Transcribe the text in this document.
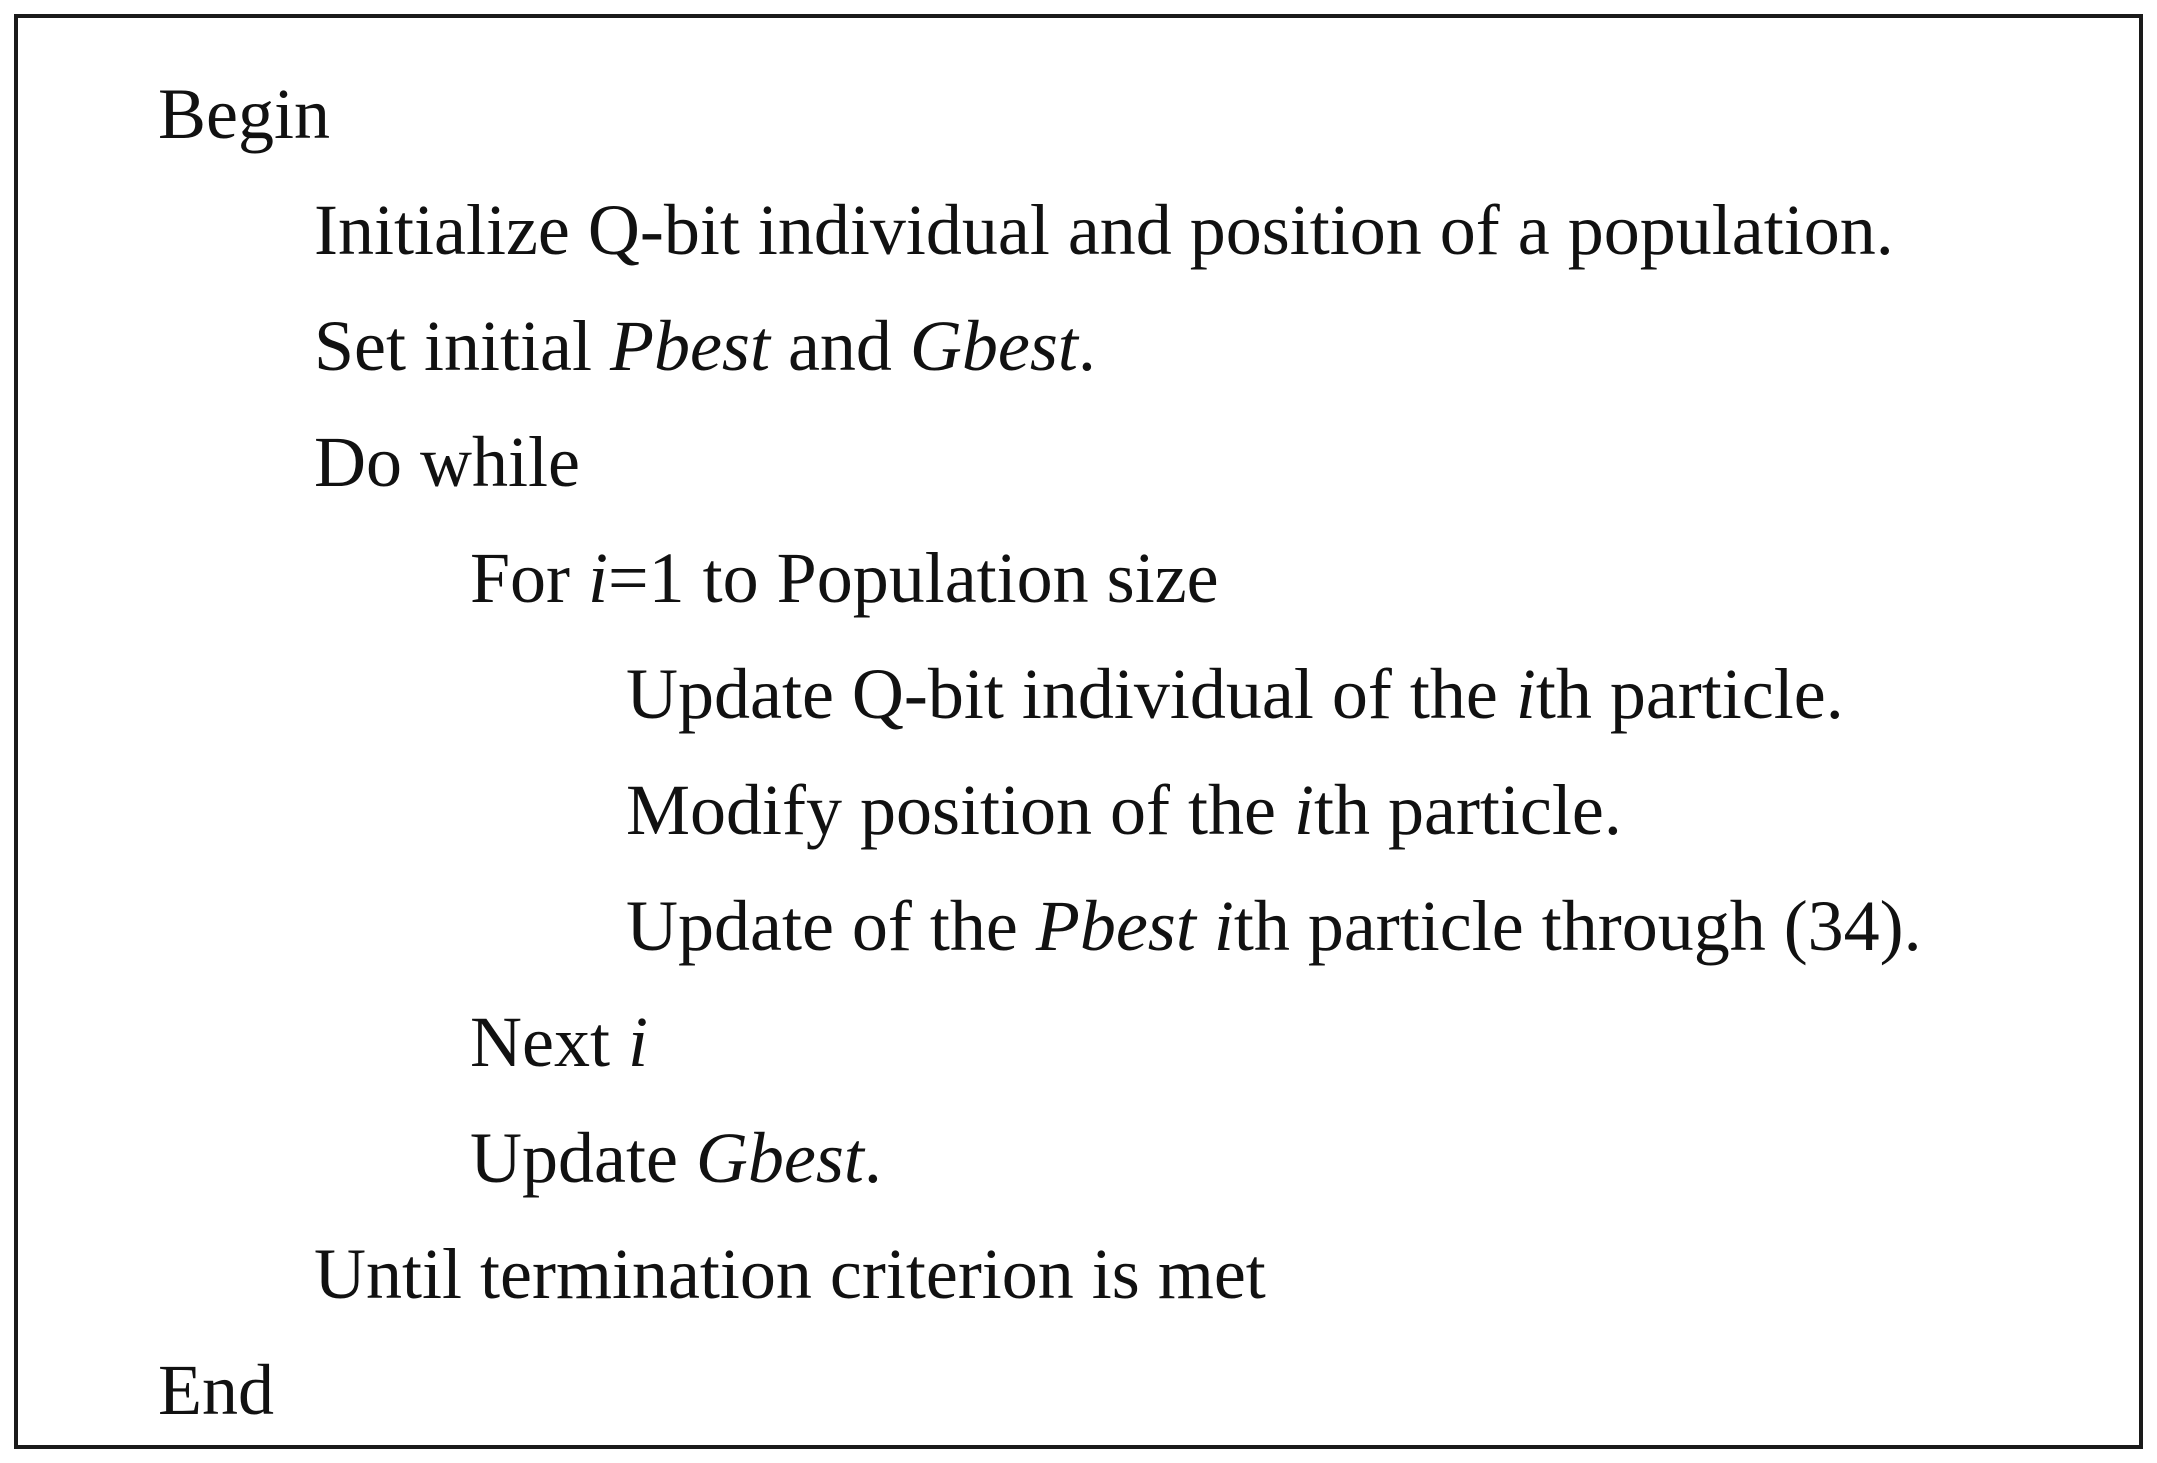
Begin
Initialize Q-bit individual and position of a population.
Set initial Pbest and Gbest.
Do while
For i=1 to Population size
Update Q-bit individual of the ith particle.
Modify position of the ith particle.
Update of the Pbest ith particle through (34).
Next i
Update Gbest.
Until termination criterion is met
End
